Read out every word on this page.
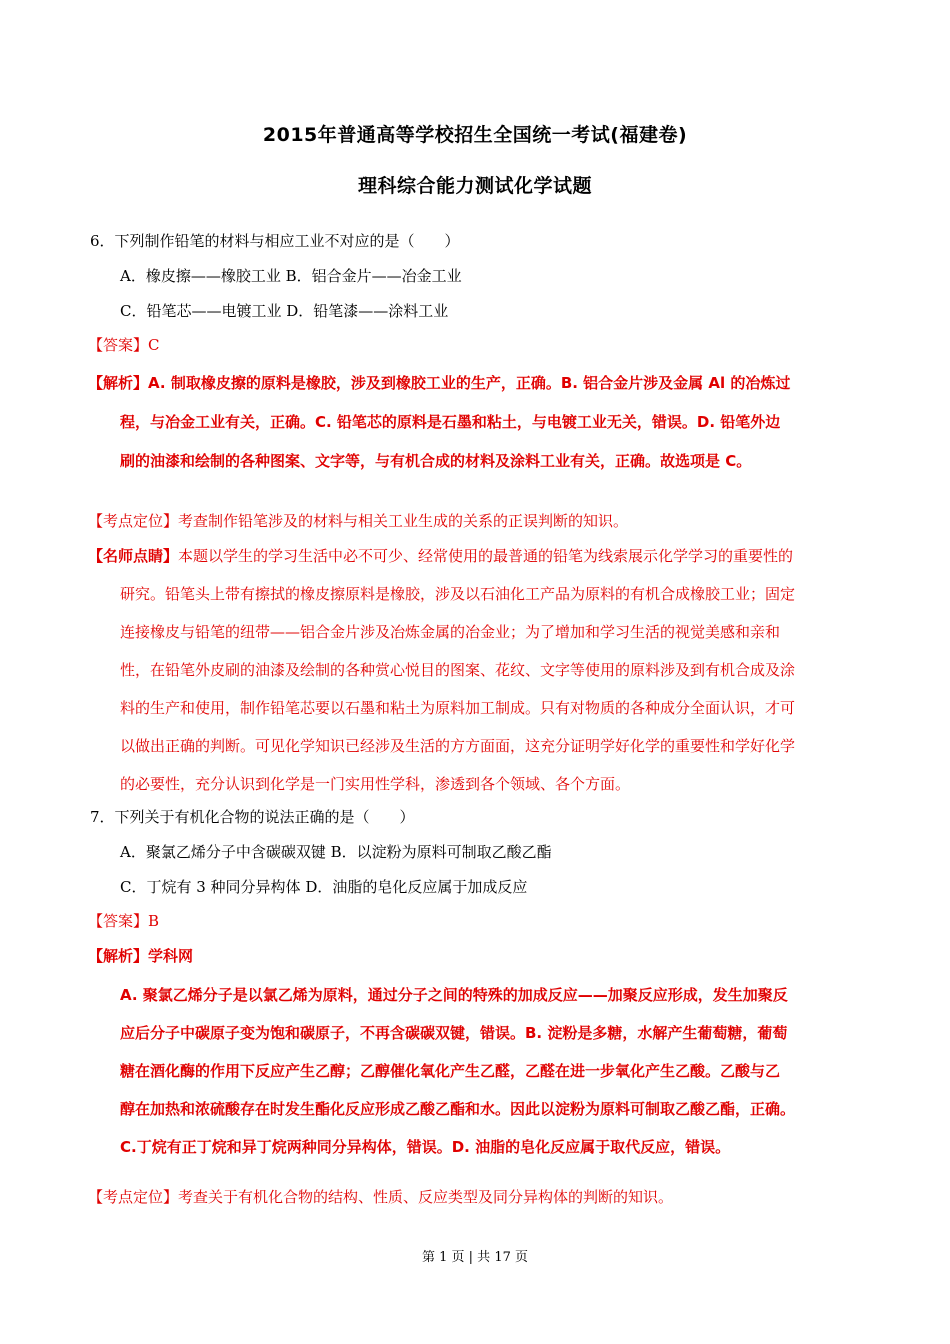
2015年普通高等学校招生全国统一考试(福建卷)
理科综合能力测试化学试题
6．下列制作铅笔的材料与相应工业不对应的是（　　）
A．橡皮擦——橡胶工业 B．铝合金片——冶金工业
C．铅笔芯——电镀工业 D．铅笔漆——涂料工业
【答案】C
【解析】A. 制取橡皮擦的原料是橡胶，涉及到橡胶工业的生产，正确。B. 铝合金片涉及金属 Al 的冶炼过
程，与冶金工业有关，正确。C. 铅笔芯的原料是石墨和粘土，与电镀工业无关，错误。D. 铅笔外边
刷的油漆和绘制的各种图案、文字等，与有机合成的材料及涂料工业有关，正确。故选项是 C。
【考点定位】考查制作铅笔涉及的材料与相关工业生成的关系的正误判断的知识。
【名师点睛】本题以学生的学习生活中必不可少、经常使用的最普通的铅笔为线索展示化学学习的重要性的
研究。铅笔头上带有擦拭的橡皮擦原料是橡胶，涉及以石油化工产品为原料的有机合成橡胶工业；固定
连接橡皮与铅笔的纽带——铝合金片涉及冶炼金属的冶金业；为了增加和学习生活的视觉美感和亲和
性，在铅笔外皮刷的油漆及绘制的各种赏心悦目的图案、花纹、文字等使用的原料涉及到有机合成及涂
料的生产和使用，制作铅笔芯要以石墨和粘土为原料加工制成。只有对物质的各种成分全面认识，才可
以做出正确的判断。可见化学知识已经涉及生活的方方面面，这充分证明学好化学的重要性和学好化学
的必要性，充分认识到化学是一门实用性学科，渗透到各个领域、各个方面。
7．下列关于有机化合物的说法正确的是（　　）
A．聚氯乙烯分子中含碳碳双键 B．以淀粉为原料可制取乙酸乙酯
C．丁烷有 3 种同分异构体 D．油脂的皂化反应属于加成反应
【答案】B
【解析】学科网
A. 聚氯乙烯分子是以氯乙烯为原料，通过分子之间的特殊的加成反应——加聚反应形成，发生加聚反
应后分子中碳原子变为饱和碳原子，不再含碳碳双键，错误。B. 淀粉是多糖，水解产生葡萄糖，葡萄
糖在酒化酶的作用下反应产生乙醇；乙醇催化氧化产生乙醛，乙醛在进一步氧化产生乙酸。乙酸与乙
醇在加热和浓硫酸存在时发生酯化反应形成乙酸乙酯和水。因此以淀粉为原料可制取乙酸乙酯，正确。
C.丁烷有正丁烷和异丁烷两种同分异构体，错误。D. 油脂的皂化反应属于取代反应，错误。
【考点定位】考查关于有机化合物的结构、性质、反应类型及同分异构体的判断的知识。
第 1 页 | 共 17 页
